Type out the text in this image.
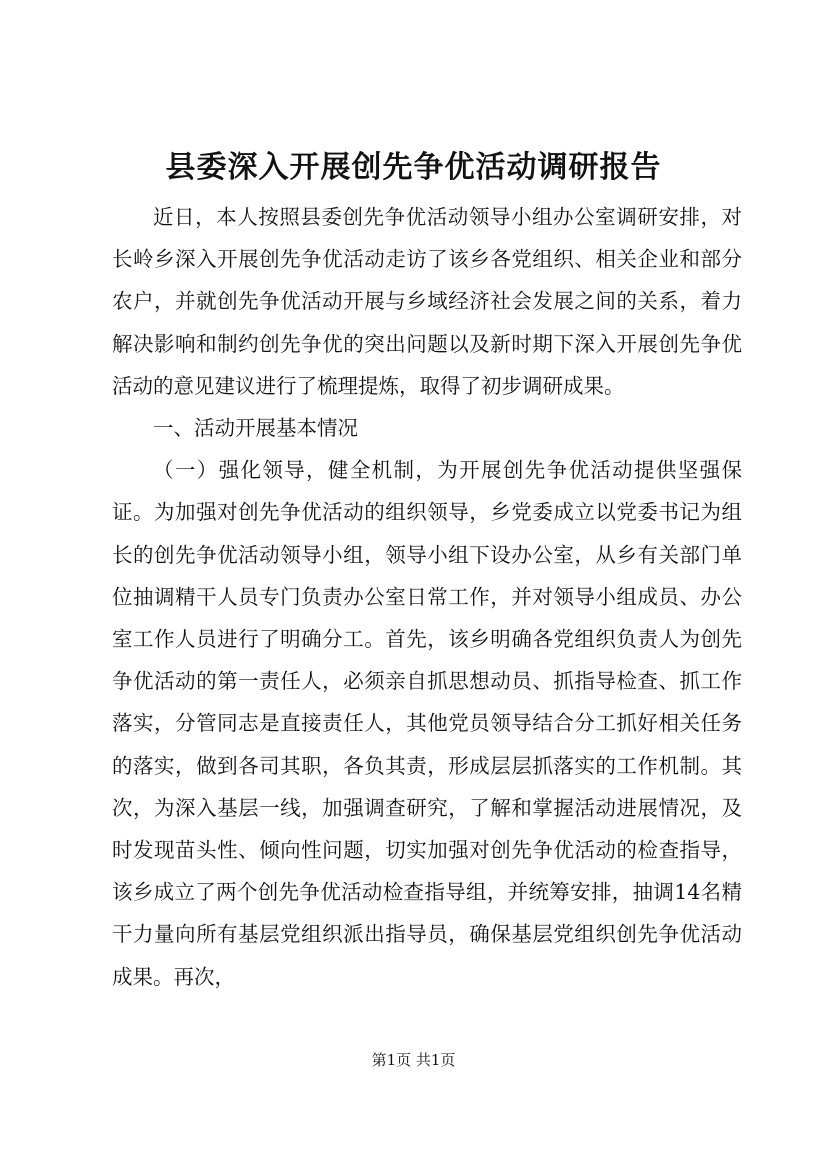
县委深入开展创先争优活动调研报告

近日，本人按照县委创先争优活动领导小组办公室调研安排，对长岭乡深入开展创先争优活动走访了该乡各党组织、相关企业和部分农户，并就创先争优活动开展与乡域经济社会发展之间的关系，着力解决影响和制约创先争优的突出问题以及新时期下深入开展创先争优活动的意见建议进行了梳理提炼，取得了初步调研成果。

一、活动开展基本情况

（一）强化领导，健全机制，为开展创先争优活动提供坚强保证。为加强对创先争优活动的组织领导，乡党委成立以党委书记为组长的创先争优活动领导小组，领导小组下设办公室，从乡有关部门单位抽调精干人员专门负责办公室日常工作，并对领导小组成员、办公室工作人员进行了明确分工。首先，该乡明确各党组织负责人为创先争优活动的第一责任人，必须亲自抓思想动员、抓指导检查、抓工作落实，分管同志是直接责任人，其他党员领导结合分工抓好相关任务的落实，做到各司其职，各负其责，形成层层抓落实的工作机制。其次，为深入基层一线，加强调查研究，了解和掌握活动进展情况，及时发现苗头性、倾向性问题，切实加强对创先争优活动的检查指导，该乡成立了两个创先争优活动检查指导组，并统筹安排，抽调14名精干力量向所有基层党组织派出指导员，确保基层党组织创先争优活动成果。再次，

第1页 共1页
